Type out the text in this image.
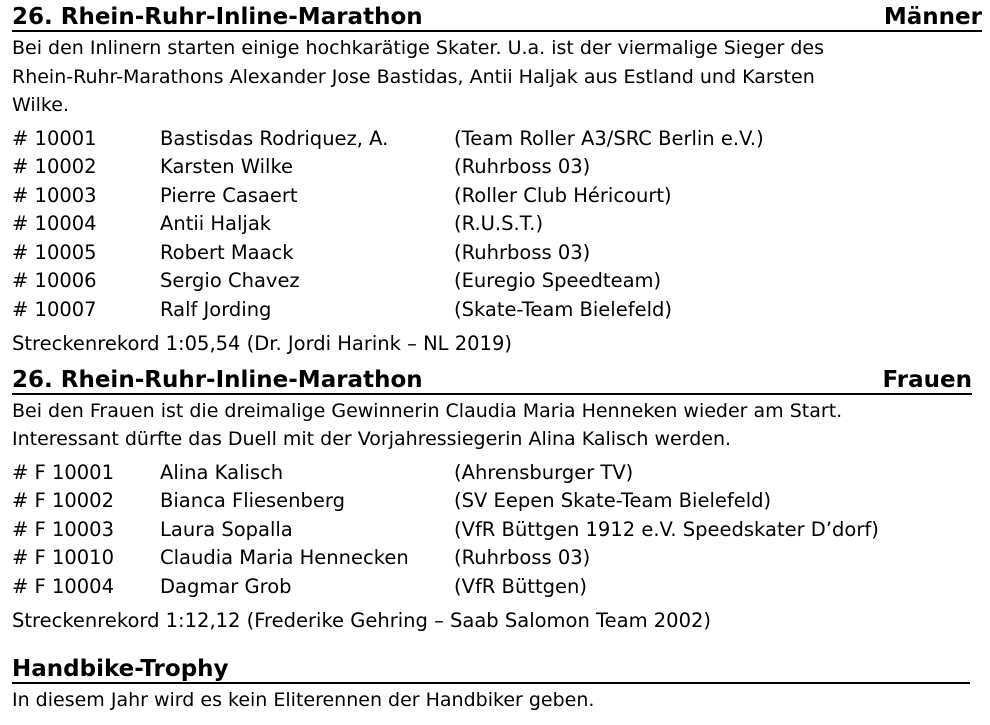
26. Rhein-Ruhr-Inline-Marathon	Männer

Bei den Inlinern starten einige hochkarätige Skater. U.a. ist der viermalige Sieger des
Rhein-Ruhr-Marathons Alexander Jose Bastidas, Antii Haljak aus Estland und Karsten
Wilke.

# 10001	Bastisdas Rodriquez, A.	(Team Roller A3/SRC Berlin e.V.)
# 10002	Karsten Wilke	(Ruhrboss 03)
# 10003	Pierre Casaert	(Roller Club Héricourt)
# 10004	Antii Haljak	(R.U.S.T.)
# 10005	Robert Maack	(Ruhrboss 03)
# 10006	Sergio Chavez	(Euregio Speedteam)
# 10007	Ralf Jording	(Skate-Team Bielefeld)
Streckenrekord 1:05,54 (Dr. Jordi Harink – NL 2019)
26. Rhein-Ruhr-Inline-Marathon	Frauen

Bei den Frauen ist die dreimalige Gewinnerin Claudia Maria Henneken wieder am Start.
Interessant dürfte das Duell mit der Vorjahressiegerin Alina Kalisch werden.

# F 10001 Alina Kalisch	(Ahrensburger TV)
# F 10002 Bianca Fliesenberg	(SV Eepen Skate-Team Bielefeld)
# F 10003 Laura Sopalla	(VfR Büttgen 1912 e.V. Speedskater D’dorf)
# F 10010 Claudia Maria Hennecken (Ruhrboss 03)
# F 10004 Dagmar Grob	(VfR Büttgen)
Streckenrekord 1:12,12 (Frederike Gehring – Saab Salomon Team 2002)
Handbike-Trophy

In diesem Jahr wird es kein Eliterennen der Handbiker geben.
